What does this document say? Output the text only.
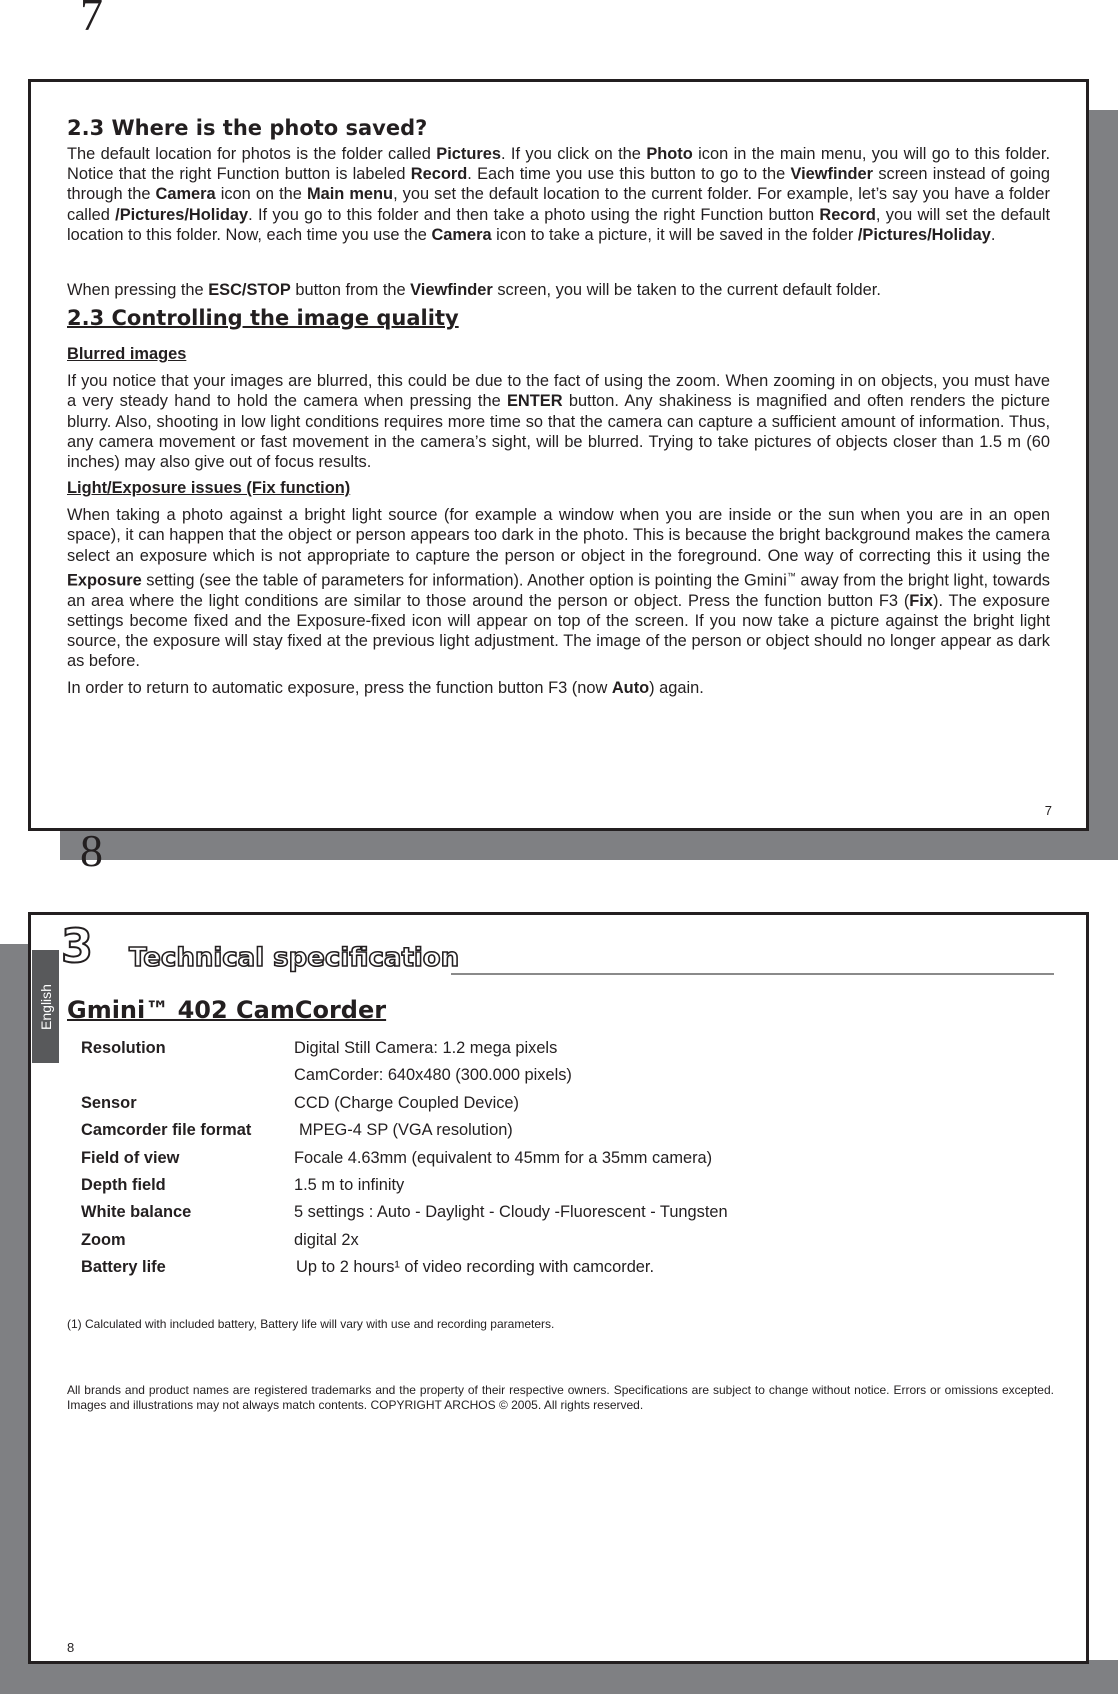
7
2.3 Where is the photo saved?

The default location for photos is the folder called Pictures. If you click on the Photo icon in the main menu, you will go to this folder. Notice that the right Function button is labeled Record. Each time you use this button to go to the Viewfinder screen instead of going through the Camera icon on the Main menu, you set the default location to the current folder. For example, let’s say you have a folder called /Pictures/Holiday. If you go to this folder and then take a photo using the right Function button Record, you will set the default location to this folder. Now, each time you use the Camera icon to take a picture, it will be saved in the folder /Pictures/Holiday.

When pressing the ESC/STOP button from the Viewfinder screen, you will be taken to the current default folder.

2.3 Controlling the image quality
Blurred images

If you notice that your images are blurred, this could be due to the fact of using the zoom. When zooming in on objects, you must have a very steady hand to hold the camera when pressing the ENTER button. Any shakiness is magnified and often renders the picture blurry. Also, shooting in low light conditions requires more time so that the camera can capture a sufficient amount of information. Thus, any camera movement or fast movement in the camera’s sight, will be blurred. Trying to take pictures of objects closer than 1.5 m (60 inches) may also give out of focus results.

Light/Exposure issues (Fix function)

When taking a photo against a bright light source (for example a window when you are inside or the sun when you are in an open space), it can happen that the object or person appears too dark in the photo. This is because the bright background makes the camera select an exposure which is not appropriate to capture the person or object in the foreground. One way of correcting this it using the Exposure setting (see the table of parameters for information). Another option is pointing the Gmini™ away from the bright light, towards an area where the light conditions are similar to those around the person or object. Press the function button F3 (Fix). The exposure settings become fixed and the Exposure-fixed icon will appear on top of the screen. If you now take a picture against the bright light source, the exposure will stay fixed at the previous light adjustment. The image of the person or object should no longer appear as dark as before.

In order to return to automatic exposure, press the function button F3 (now Auto) again.

7
8
3 Technical specification
Gmini™ 402 CamCorder
Resolution	Digital Still Camera: 1.2 mega pixels
CamCorder: 640x480 (300.000 pixels)
Sensor	CCD (Charge Coupled Device)
Camcorder file format	MPEG-4 SP (VGA resolution)
Field of view	Focale 4.63mm (equivalent to 45mm for a 35mm camera)
Depth field	1.5 m to infinity
White balance	5 settings : Auto - Daylight - Cloudy -Fluorescent - Tungsten
Zoom	digital 2x
Battery life	Up to 2 hours¹ of video recording with camcorder.
(1) Calculated with included battery, Battery life will vary with use and recording parameters.
All brands and product names are registered trademarks and the property of their respective owners. Specifications are subject to change without notice. Errors or omissions excepted. Images and illustrations may not always match contents. COPYRIGHT ARCHOS © 2005. All rights reserved.
8
English
